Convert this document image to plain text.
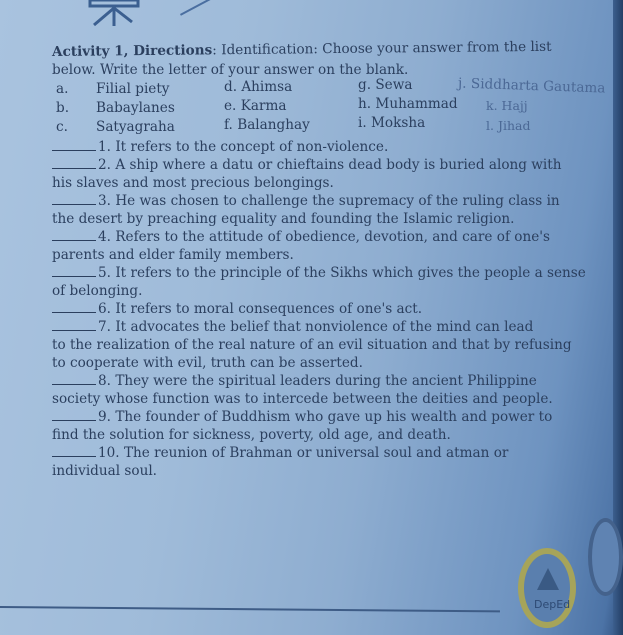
Activity 1, Directions: Identification: Choose your answer from the list
below. Write the letter of your answer on the blank.
a. Filial piety
b. Babaylanes
c. Satyagraha
d. Ahimsa
e. Karma
f. Balanghay
g. Sewa
h. Muhammad
i. Moksha
j. Siddharta Gautama
k. Hajj
l. Jihad
1. It refers to the concept of non-violence.
2. A ship where a datu or chieftains dead body is buried along with
his slaves and most precious belongings.
3. He was chosen to challenge the supremacy of the ruling class in
the desert by preaching equality and founding the Islamic religion.
4. Refers to the attitude of obedience, devotion, and care of one's
parents and elder family members.
5. It refers to the principle of the Sikhs which gives the people a sense
of belonging.
6. It refers to moral consequences of one's act.
7. It advocates the belief that nonviolence of the mind can lead
to the realization of the real nature of an evil situation and that by refusing
to cooperate with evil, truth can be asserted.
8. They were the spiritual leaders during the ancient Philippine
society whose function was to intercede between the deities and people.
9. The founder of Buddhism who gave up his wealth and power to
find the solution for sickness, poverty, old age, and death.
10. The reunion of Brahman or universal soul and atman or
individual soul.
DepEd
